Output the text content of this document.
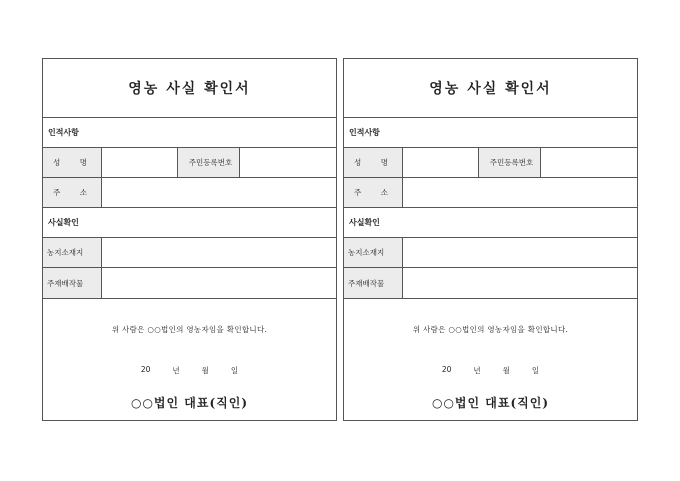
영농 사실 확인서
인적사항
성	명	주민등록번호
주	소
사실확인
농지소재지
주재배작물
위 사람은 ○○법인의 영농자임을 확인합니다.
20	년	월	일
○○법인 대표(직인)
영농 사실 확인서
인적사항
성	명	주민등록번호
주	소
사실확인
농지소재지
주재배작물
위 사람은 ○○법인의 영농자임을 확인합니다.
20	년	월	일
○○법인 대표(직인)
